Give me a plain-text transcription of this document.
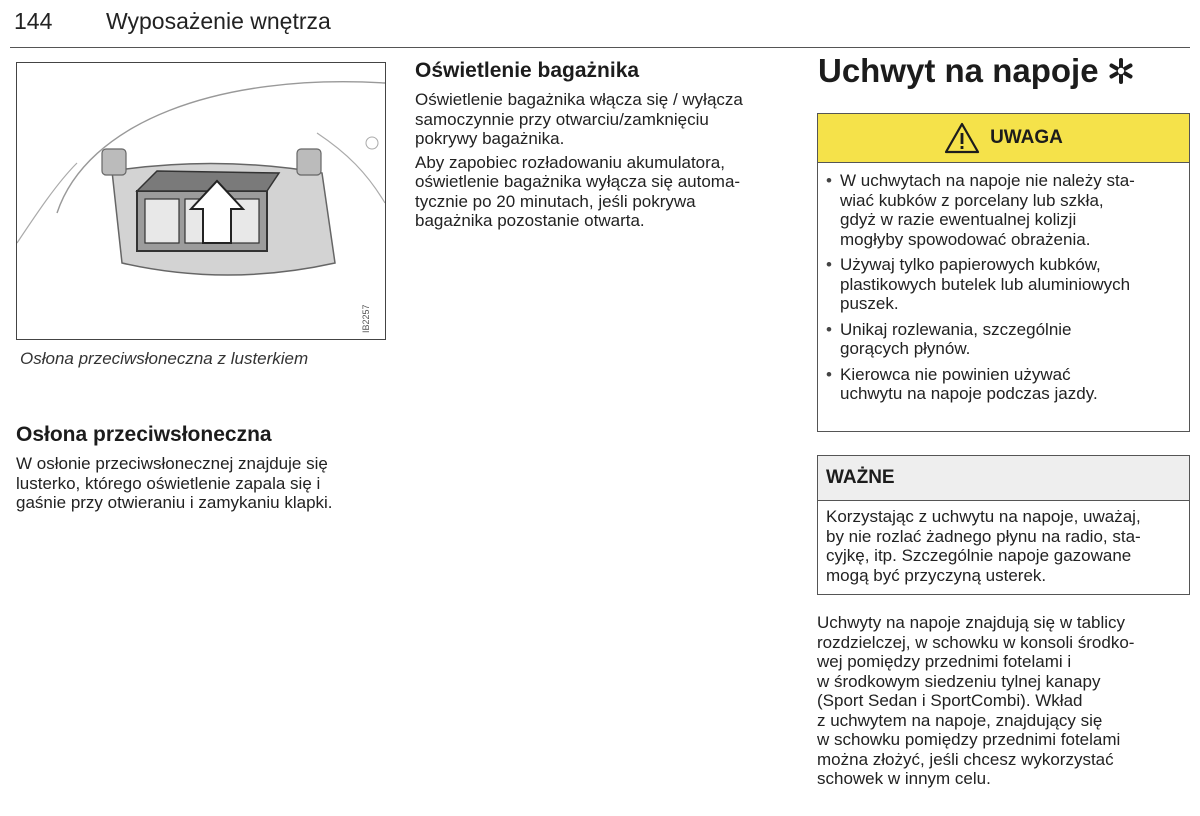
144 Wyposażenie wnętrza
IB2257
Osłona przeciwsłoneczna z lusterkiem
Osłona przeciwsłoneczna
W osłonie przeciwsłonecznej znajduje się
lusterko, którego oświetlenie zapala się i
gaśnie przy otwieraniu i zamykaniu klapki.
Oświetlenie bagażnika

Oświetlenie bagażnika włącza się / wyłącza
samoczynnie przy otwarciu/zamknięciu
pokrywy bagażnika.

Aby zapobiec rozładowaniu akumulatora,
oświetlenie bagażnika wyłącza się automa-
tycznie po 20 minutach, jeśli pokrywa
bagażnika pozostanie otwarta.

Uchwyt na napoje
UWAGA
• W uchwytach na napoje nie należy sta-
wiać kubków z porcelany lub szkła,
gdyż w razie ewentualnej kolizji
mogłyby spowodować obrażenia.
• Używaj tylko papierowych kubków,
plastikowych butelek lub aluminiowych
puszek.
• Unikaj rozlewania, szczególnie
gorących płynów.
• Kierowca nie powinien używać
uchwytu na napoje podczas jazdy.
WAŻNE
Korzystając z uchwytu na napoje, uważaj,
by nie rozlać żadnego płynu na radio, sta-
cyjkę, itp. Szczególnie napoje gazowane
mogą być przyczyną usterek.
Uchwyty na napoje znajdują się w tablicy
rozdzielczej, w schowku w konsoli środko-
wej pomiędzy przednimi fotelami i
w środkowym siedzeniu tylnej kanapy
(Sport Sedan i SportCombi). Wkład
z uchwytem na napoje, znajdujący się
w schowku pomiędzy przednimi fotelami
można złożyć, jeśli chcesz wykorzystać
schowek w innym celu.
